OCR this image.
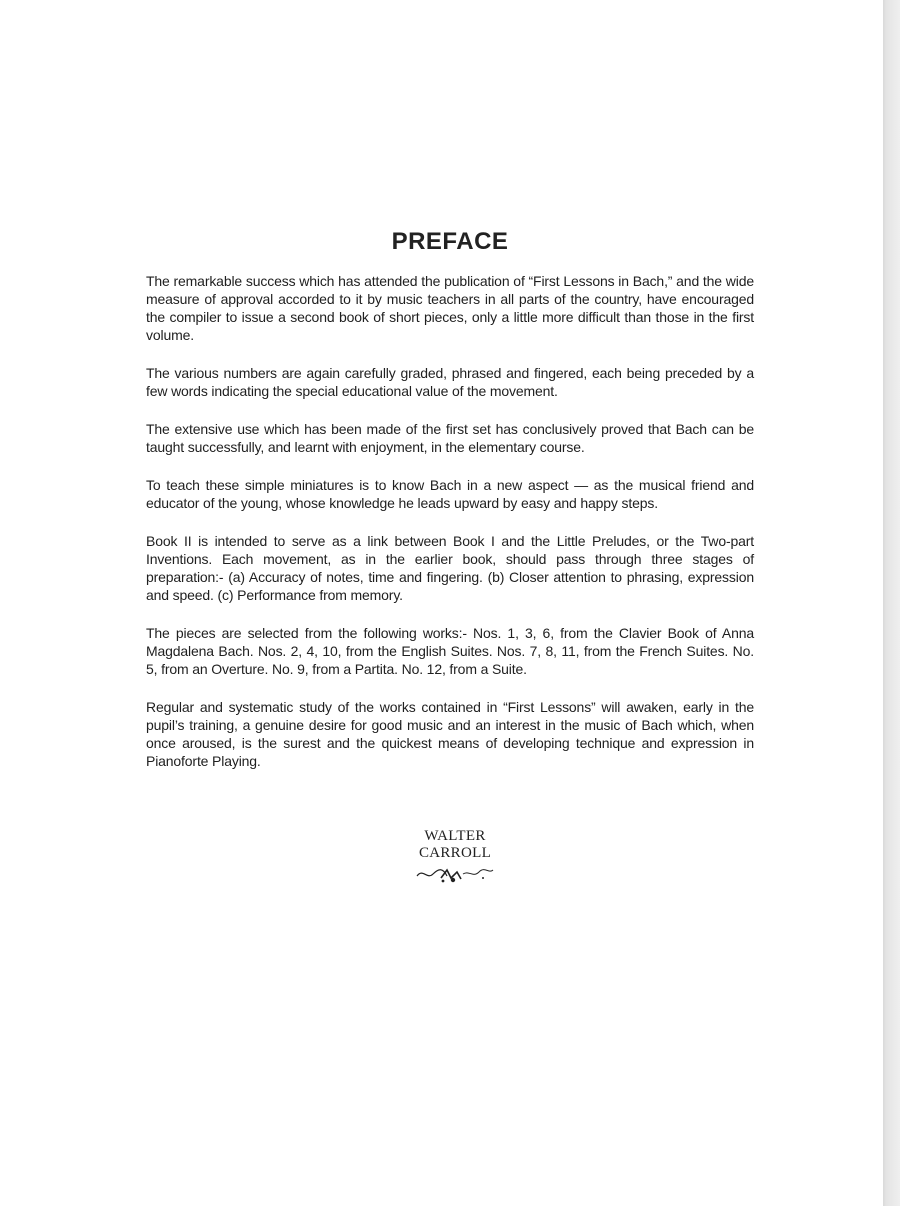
PREFACE

The remarkable success which has attended the publication of “First Lessons in Bach,” and the wide measure of approval accorded to it by music teachers in all parts of the country, have encouraged the compiler to issue a second book of short pieces, only a little more difficult than those in the first volume.

The various numbers are again carefully graded, phrased and fingered, each being preceded by a few words indicating the special educational value of the movement.

The extensive use which has been made of the first set has conclusively proved that Bach can be taught successfully, and learnt with enjoyment, in the elementary course.

To teach these simple miniatures is to know Bach in a new aspect — as the musical friend and educator of the young, whose knowledge he leads upward by easy and happy steps.

Book II is intended to serve as a link between Book I and the Little Preludes, or the Two-part Inventions. Each movement, as in the earlier book, should pass through three stages of preparation:- (a) Accuracy of notes, time and fingering. (b) Closer attention to phrasing, expression and speed. (c) Performance from memory.

The pieces are selected from the following works:- Nos. 1, 3, 6, from the Clavier Book of Anna Magdalena Bach. Nos. 2, 4, 10, from the English Suites. Nos. 7, 8, 11, from the French Suites. No. 5, from an Overture. No. 9, from a Partita. No. 12, from a Suite.

Regular and systematic study of the works contained in “First Lessons” will awaken, early in the pupil’s training, a genuine desire for good music and an interest in the music of Bach which, when once aroused, is the surest and the quickest means of developing technique and expression in Pianoforte Playing.

WALTER
CARROLL
